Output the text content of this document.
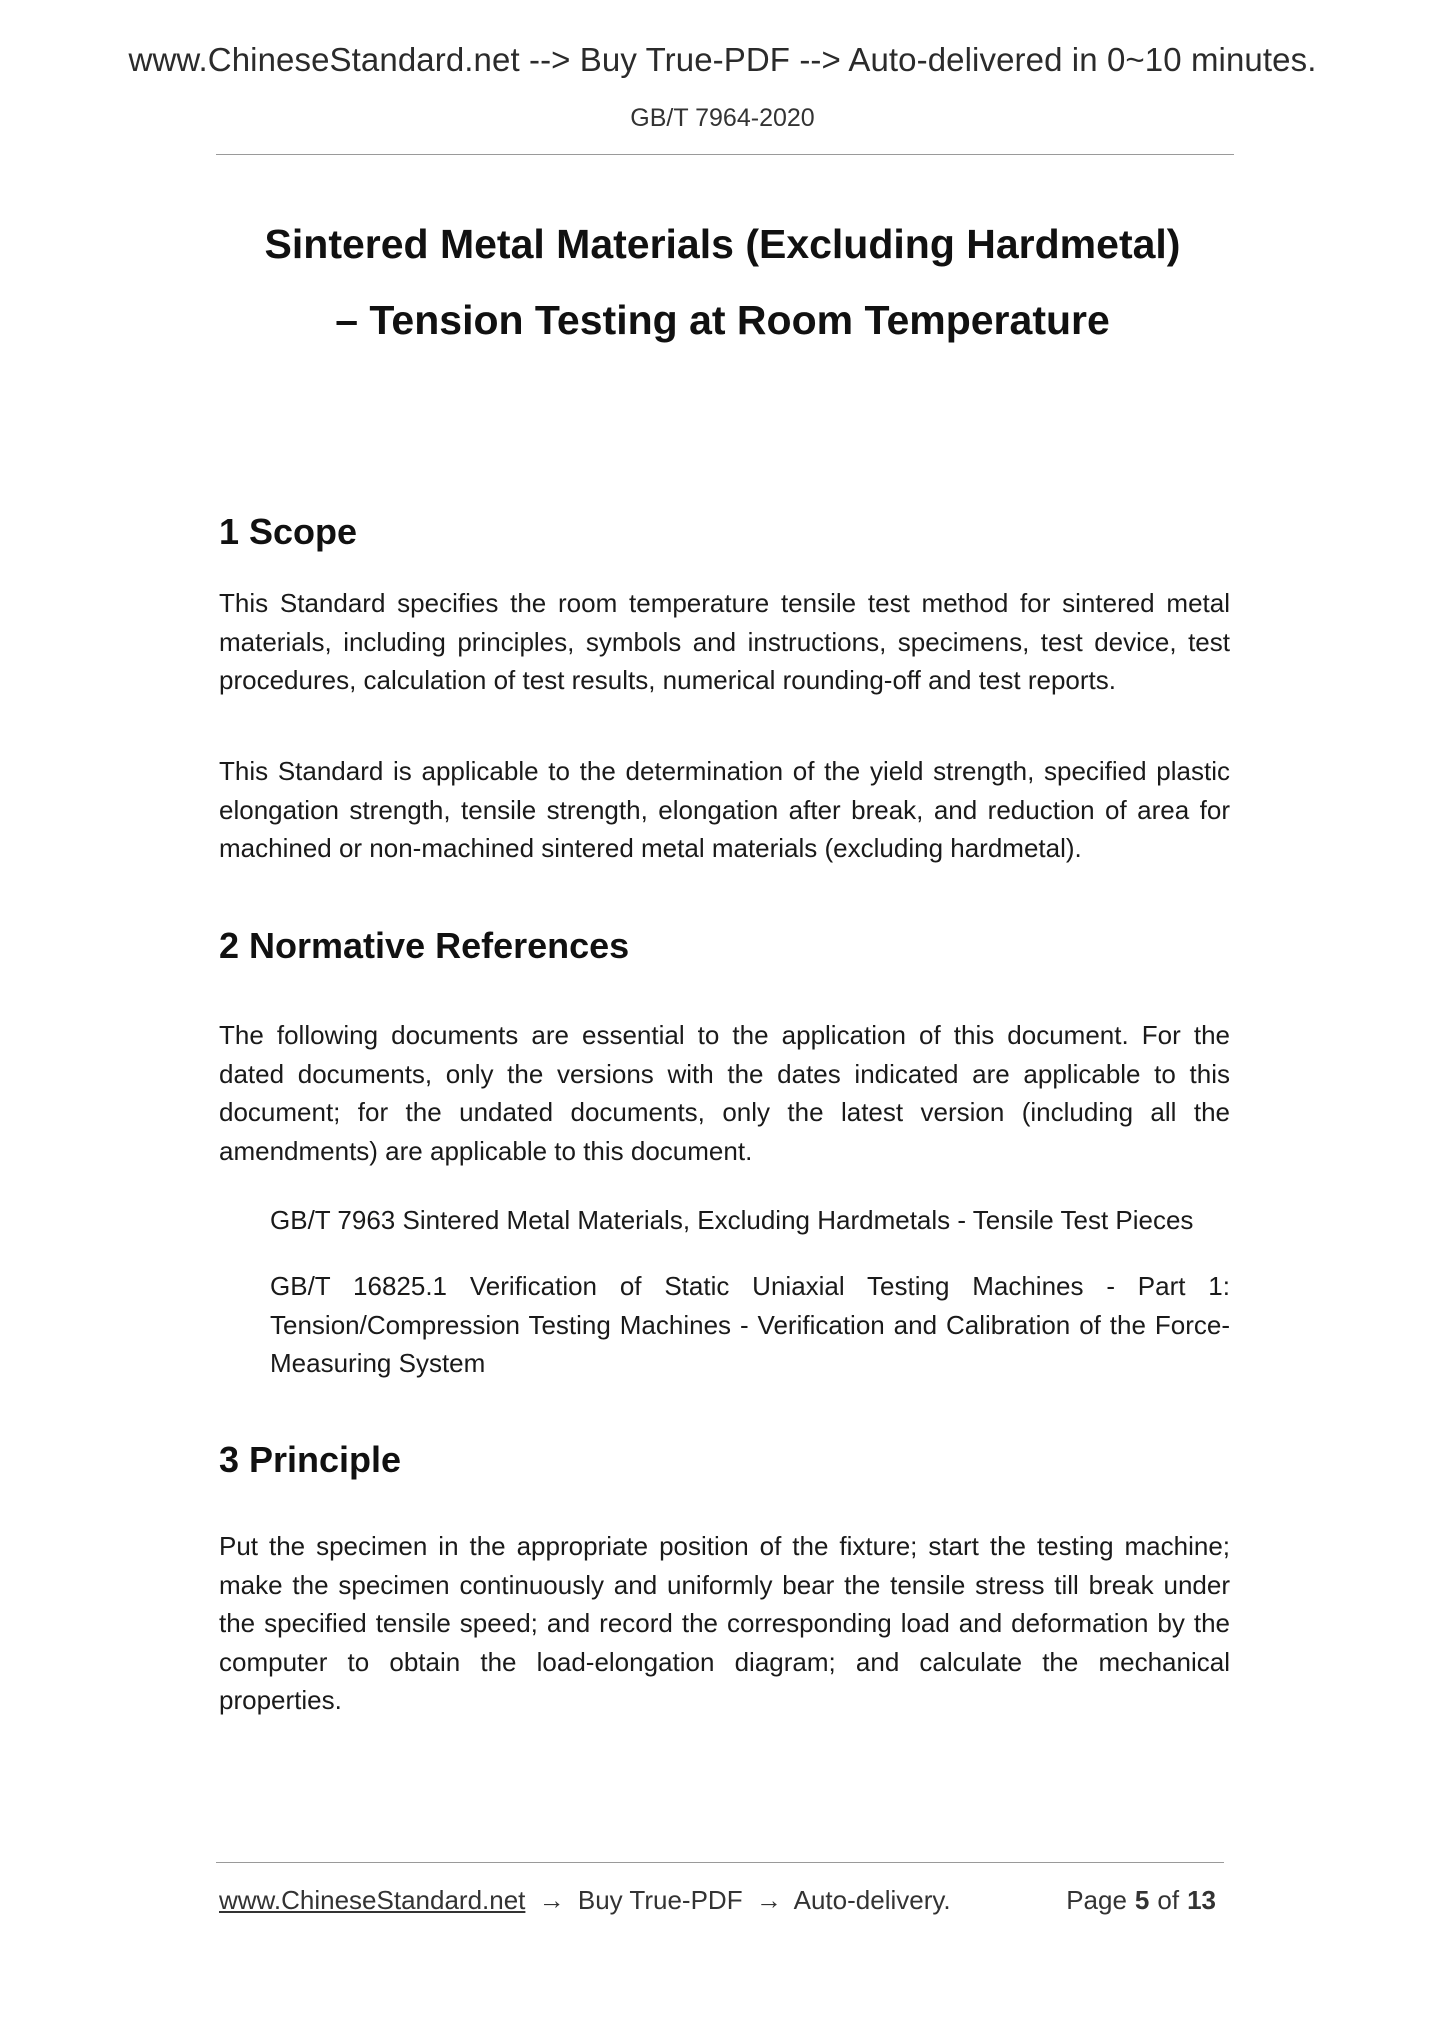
www.ChineseStandard.net --> Buy True-PDF --> Auto-delivered in 0~10 minutes.
GB/T 7964-2020
Sintered Metal Materials (Excluding Hardmetal)
– Tension Testing at Room Temperature
1 Scope

This Standard specifies the room temperature tensile test method for sintered metal materials, including principles, symbols and instructions, specimens, test device, test procedures, calculation of test results, numerical rounding-off and test reports.

This Standard is applicable to the determination of the yield strength, specified plastic elongation strength, tensile strength, elongation after break, and reduction of area for machined or non-machined sintered metal materials (excluding hardmetal).

2 Normative References

The following documents are essential to the application of this document. For the dated documents, only the versions with the dates indicated are applicable to this document; for the undated documents, only the latest version (including all the amendments) are applicable to this document.

GB/T 7963 Sintered Metal Materials, Excluding Hardmetals - Tensile Test Pieces

GB/T 16825.1 Verification of Static Uniaxial Testing Machines - Part 1: Tension/Compression Testing Machines - Verification and Calibration of the Force-Measuring System

3 Principle

Put the specimen in the appropriate position of the fixture; start the testing machine; make the specimen continuously and uniformly bear the tensile stress till break under the specified tensile speed; and record the corresponding load and deformation by the computer to obtain the load-elongation diagram; and calculate the mechanical properties.

www.ChineseStandard.net → Buy True-PDF → Auto-delivery.	Page 5 of 13
